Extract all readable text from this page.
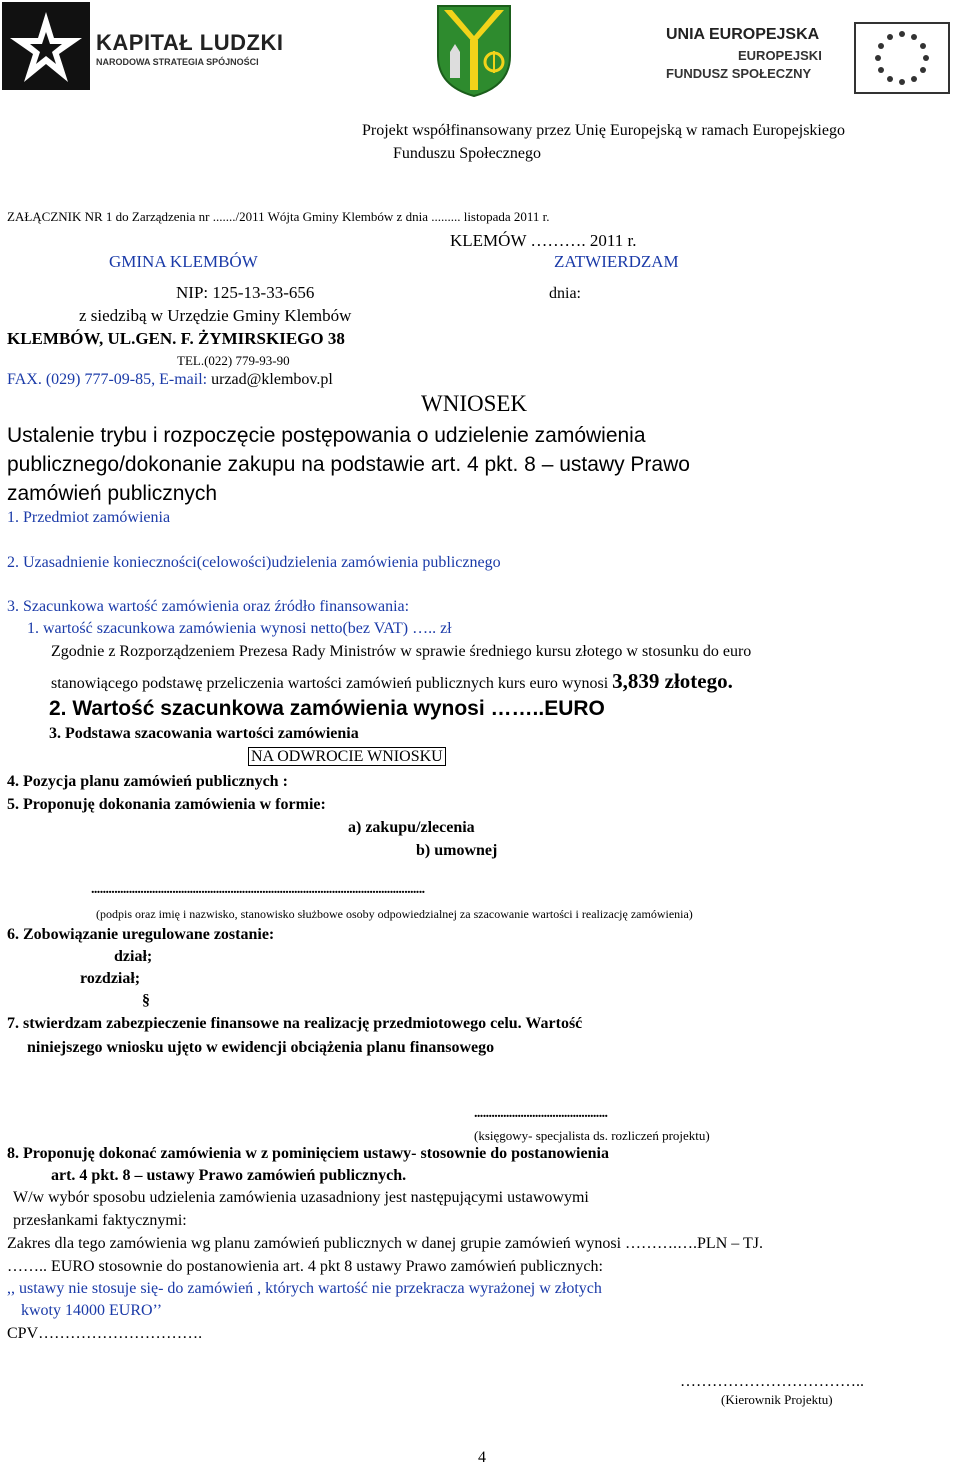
KAPITAŁ LUDZKI
NARODOWA STRATEGIA SPÓJNOŚCI
UNIA EUROPEJSKA
EUROPEJSKI
FUNDUSZ SPOŁECZNY
Projekt współfinansowany przez Unię Europejską w ramach Europejskiego
Funduszu Społecznego
ZAŁĄCZNIK NR 1 do Zarządzenia nr ......./2011 Wójta Gminy Klembów z dnia ......... listopada 2011 r.
KLEMÓW ………. 2011 r.
GMINA KLEMBÓW	ZATWIERDZAM
NIP: 125-13-33-656	dnia:
z siedzibą w Urzędzie Gminy Klembów
KLEMBÓW, UL.GEN. F. ŻYMIRSKIEGO 38
TEL.(022) 779-93-90
FAX. (029) 777-09-85, E-mail: urzad@klembov.pl
WNIOSEK
Ustalenie trybu i rozpoczęcie postępowania o udzielenie zamówienia
publicznego/dokonanie zakupu na podstawie art. 4 pkt. 8 – ustawy Prawo
zamówień publicznych
1. Przedmiot zamówienia
2. Uzasadnienie konieczności(celowości)udzielenia zamówienia publicznego
3. Szacunkowa wartość zamówienia oraz źródło finansowania:
1. wartość szacunkowa zamówienia wynosi netto(bez VAT) ….. zł
Zgodnie z Rozporządzeniem Prezesa Rady Ministrów w sprawie średniego kursu złotego w stosunku do euro
stanowiącego podstawę przeliczenia wartości zamówień publicznych kurs euro wynosi 3,839 złotego.
2. Wartość szacunkowa zamówienia wynosi ……..EURO
3. Podstawa szacowania wartości zamówienia
NA ODWROCIE WNIOSKU
4. Pozycja planu zamówień publicznych :
5. Proponuję dokonania zamówienia w formie:
a) zakupu/zlecenia
b) umownej
...................................................................................................................
(podpis oraz imię i nazwisko, stanowisko służbowe osoby odpowiedzialnej za szacowanie wartości i realizację zamówienia)
6. Zobowiązanie uregulowane zostanie:
dział;
rozdział;
§
7. stwierdzam zabezpieczenie finansowe na realizację przedmiotowego celu. Wartość
niniejszego wniosku ujęto w ewidencji obciążenia planu finansowego
..............................................
(księgowy- specjalista ds. rozliczeń projektu)
8. Proponuję dokonać zamówienia w z pominięciem ustawy- stosownie do postanowienia
art. 4 pkt. 8 – ustawy Prawo zamówień publicznych.
W/w wybór sposobu udzielenia zamówienia uzasadniony jest następującymi ustawowymi
przesłankami faktycznymi:
Zakres dla tego zamówienia wg planu zamówień publicznych w danej grupie zamówień wynosi ……….….PLN – TJ.
…….. EURO stosownie do postanowienia art. 4 pkt 8 ustawy Prawo zamówień publicznych:
,, ustawy nie stosuje się- do zamówień , których wartość nie przekracza wyrażonej w złotych
kwoty 14000 EURO’’
CPV………………………….
……………………………..
(Kierownik Projektu)
4
